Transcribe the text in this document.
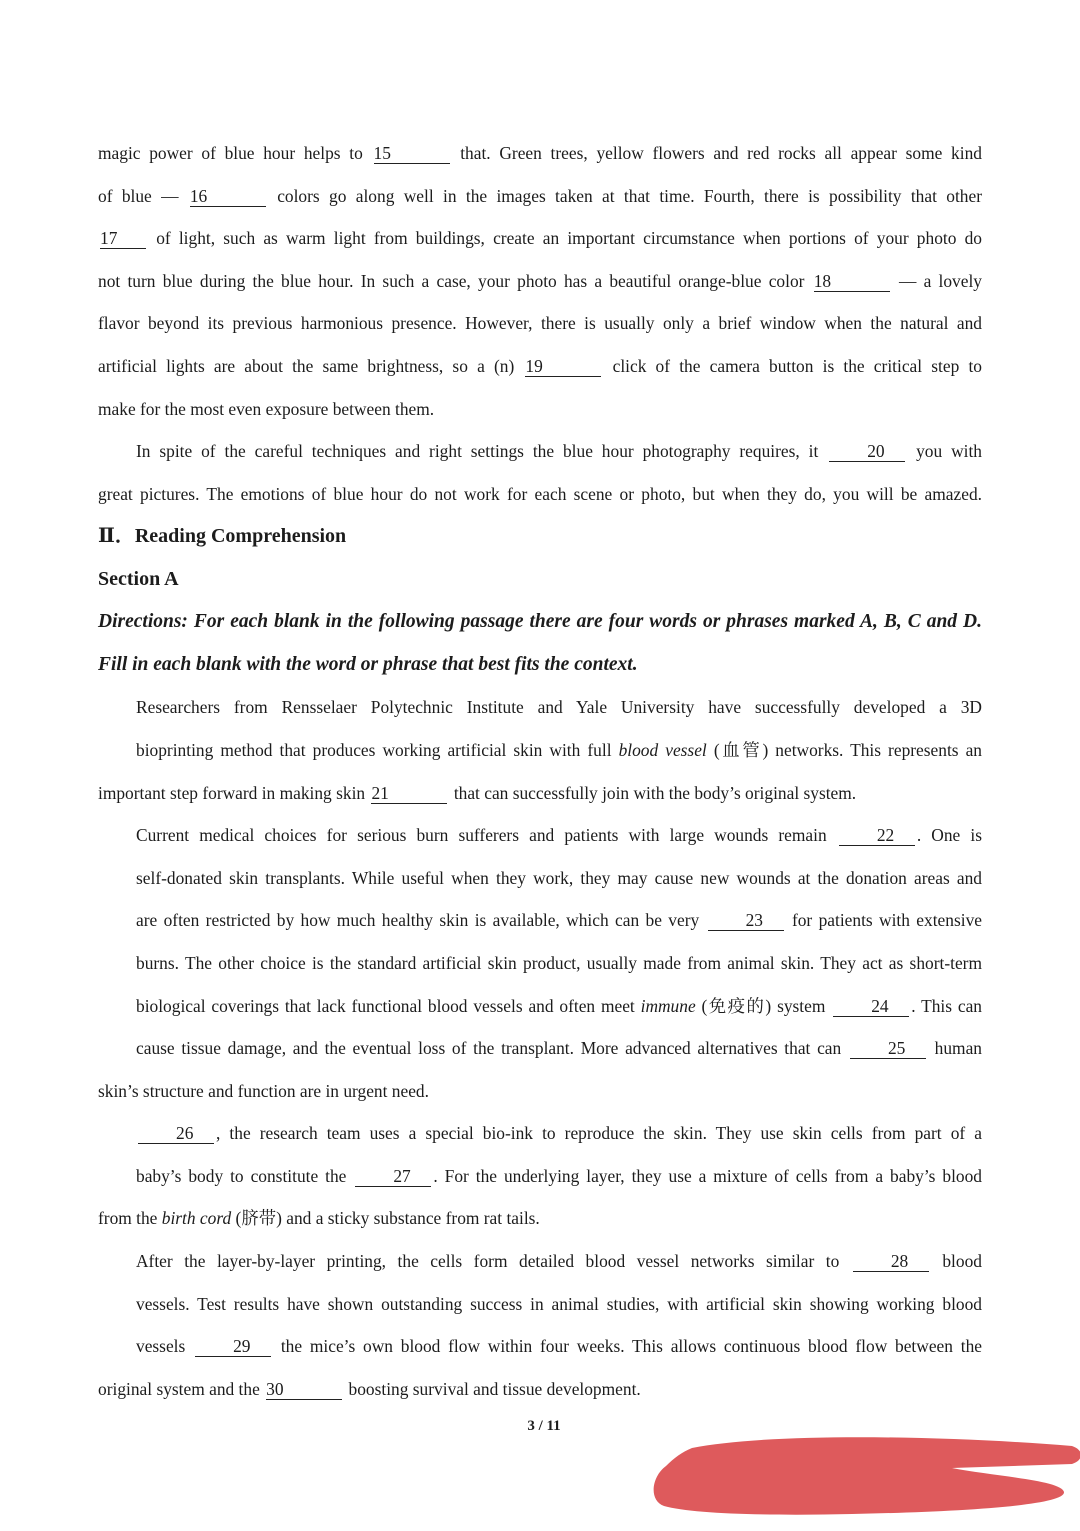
magic power of blue hour helps to 15	that. Green trees, yellow flowers and red rocks all appear some kind
of blue — 16	colors go along well in the images taken at that time. Fourth, there is possibility that other
17 of light, such as warm light from buildings, create an important circumstance when portions of your photo do
not turn blue during the blue hour. In such a case, your photo has a beautiful orange-blue color 18	— a lovely
flavor beyond its previous harmonious presence. However, there is usually only a brief window when the natural and
artificial lights are about the same brightness, so a (n) 19	click of the camera button is the critical step to
make for the most even exposure between them.
In spite of the careful techniques and right settings the blue hour photography requires, it	20 you with
great pictures. The emotions of blue hour do not work for each scene or photo, but when they do, you will be amazed.
Ⅱ．Reading Comprehension
Section A
Directions: For each blank in the following passage there are four words or phrases marked A, B, C and D. Fill in each blank with the word or phrase that best fits the context.
Researchers from Rensselaer Polytechnic Institute and Yale University have successfully developed a 3D
bioprinting method that produces working artificial skin with full blood vessel (血管) networks. This represents an
important step forward in making skin 21	that can successfully join with the body’s original system.
Current medical choices for serious burn sufferers and patients with large wounds remain	22 . One is
self-donated skin transplants. While useful when they work, they may cause new wounds at the donation areas and
are often restricted by how much healthy skin is available, which can be very	23 for patients with extensive
burns. The other choice is the standard artificial skin product, usually made from animal skin. They act as short-term
biological coverings that lack functional blood vessels and often meet immune (免疫的) system	24 . This can
cause tissue damage, and the eventual loss of the transplant. More advanced alternatives that can	25 human
skin’s structure and function are in urgent need.
26 , the research team uses a special bio-ink to reproduce the skin. They use skin cells from part of a
baby’s body to constitute the	27 . For the underlying layer, they use a mixture of cells from a baby’s blood
from the birth cord (脐带) and a sticky substance from rat tails.
After the layer-by-layer printing, the cells form detailed blood vessel networks similar to	28 blood
vessels. Test results have shown outstanding success in animal studies, with artificial skin showing working blood
vessels	29 the mice’s own blood flow within four weeks. This allows continuous blood flow between the
original system and the 30	boosting survival and tissue development.
3 / 11
